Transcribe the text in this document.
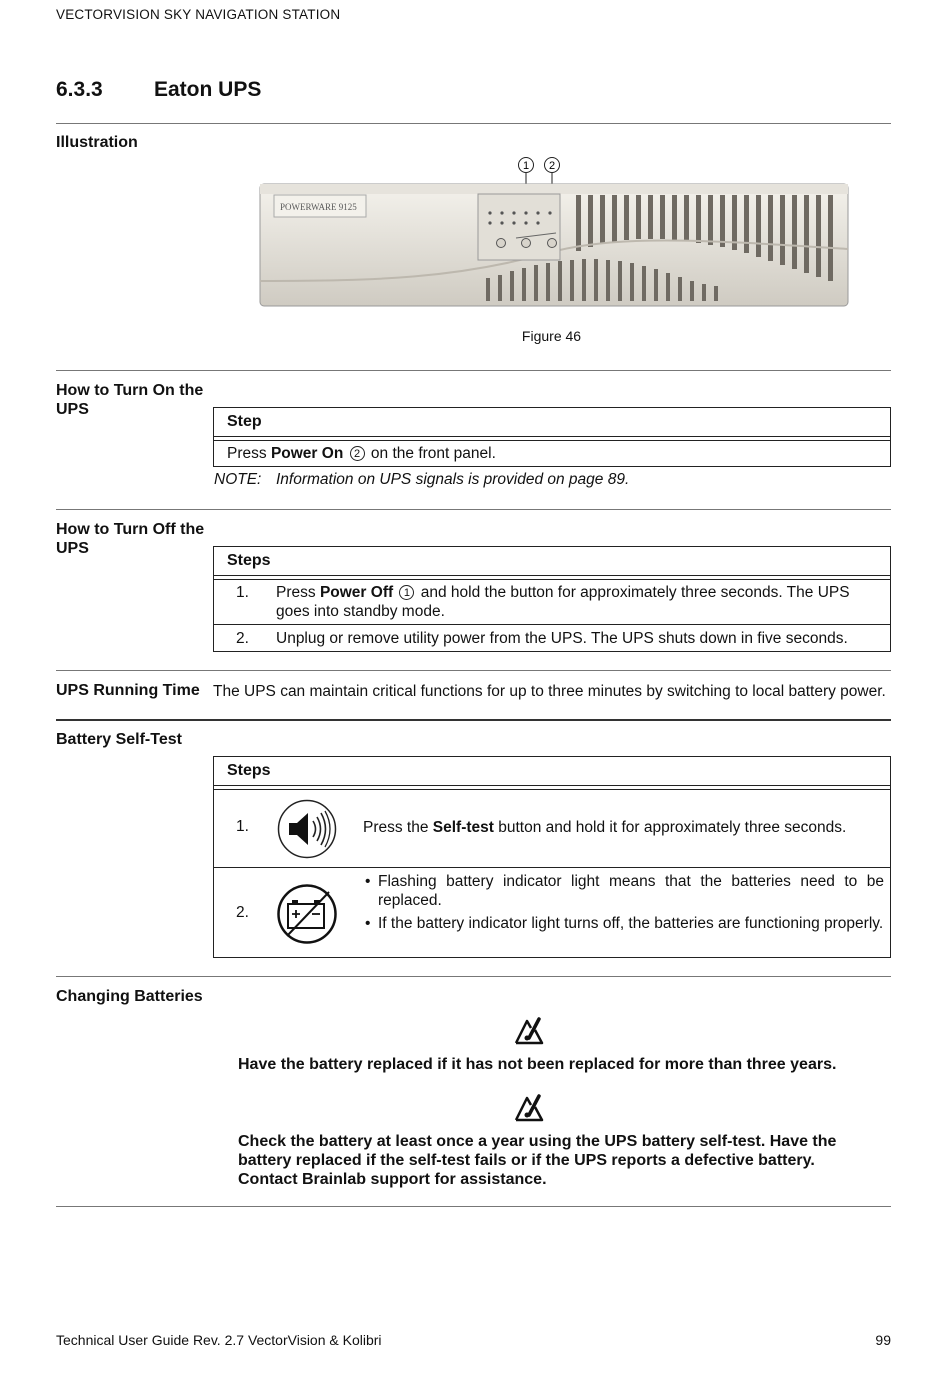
VECTORVISION SKY NAVIGATION STATION
6.3.3 Eaton UPS
Illustration
1 2
POWERWARE 9125
Figure 46
How to Turn On the UPS
Step
Press Power On 2 on the front panel.
NOTE: Information on UPS signals is provided on page 89.
How to Turn Off the UPS
Steps
1. Press Power Off 1 and hold the button for approximately three seconds. The UPS goes into standby mode.
2. Unplug or remove utility power from the UPS. The UPS shuts down in five seconds.
UPS Running Time The UPS can maintain critical functions for up to three minutes by switching to local battery power.
Battery Self-Test
Steps
1.	Press the Self-test button and hold it for approximately three seconds.
2.
• Flashing battery indicator light means that the batteries need to be replaced.
• If the battery indicator light turns off, the batteries are functioning properly.
Changing Batteries
Have the battery replaced if it has not been replaced for more than three years.
Check the battery at least once a year using the UPS battery self-test. Have the battery replaced if the self-test fails or if the UPS reports a defective battery. Contact Brainlab support for assistance.
Technical User Guide Rev. 2.7 VectorVision & Kolibri	99
